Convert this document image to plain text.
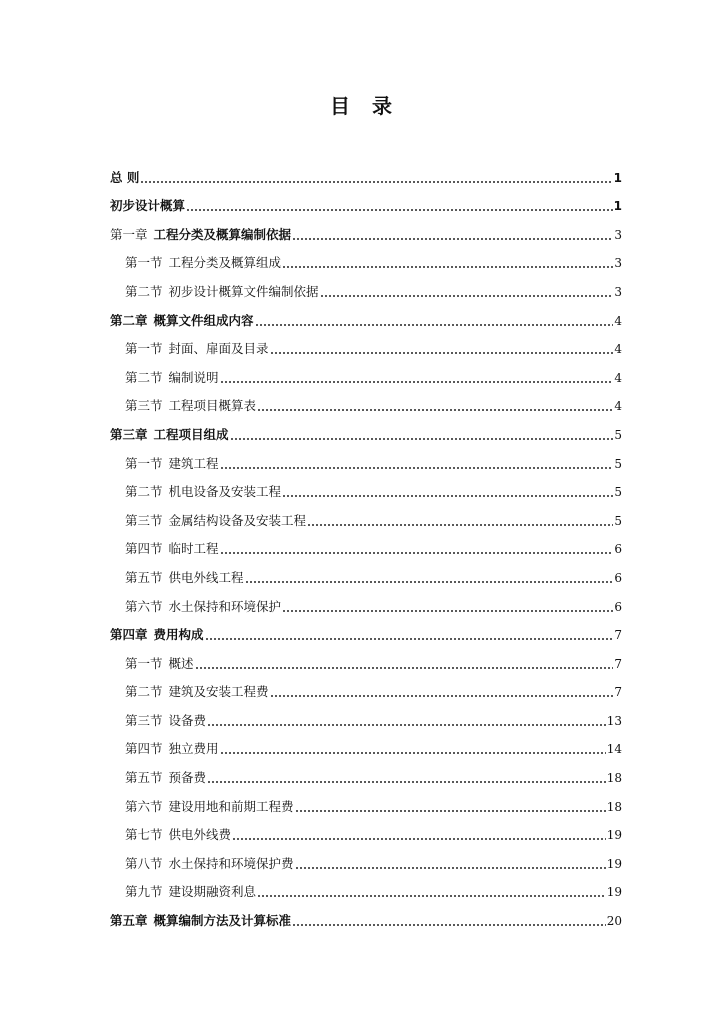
目 录
总 则	1
初步设计概算	1
第一章 工程分类及概算编制依据	3
第一节 工程分类及概算组成	3
第二节 初步设计概算文件编制依据	3
第二章 概算文件组成内容	4
第一节 封面、扉面及目录	4
第二节 编制说明	4
第三节 工程项目概算表	4
第三章 工程项目组成	5
第一节 建筑工程	5
第二节 机电设备及安装工程	5
第三节 金属结构设备及安装工程	5
第四节 临时工程	6
第五节 供电外线工程	6
第六节 水土保持和环境保护	6
第四章 费用构成	7
第一节 概述	7
第二节 建筑及安装工程费	7
第三节 设备费	13
第四节 独立费用	14
第五节 预备费	18
第六节 建设用地和前期工程费	18
第七节 供电外线费	19
第八节 水土保持和环境保护费	19
第九节 建设期融资利息	19
第五章 概算编制方法及计算标准	20
